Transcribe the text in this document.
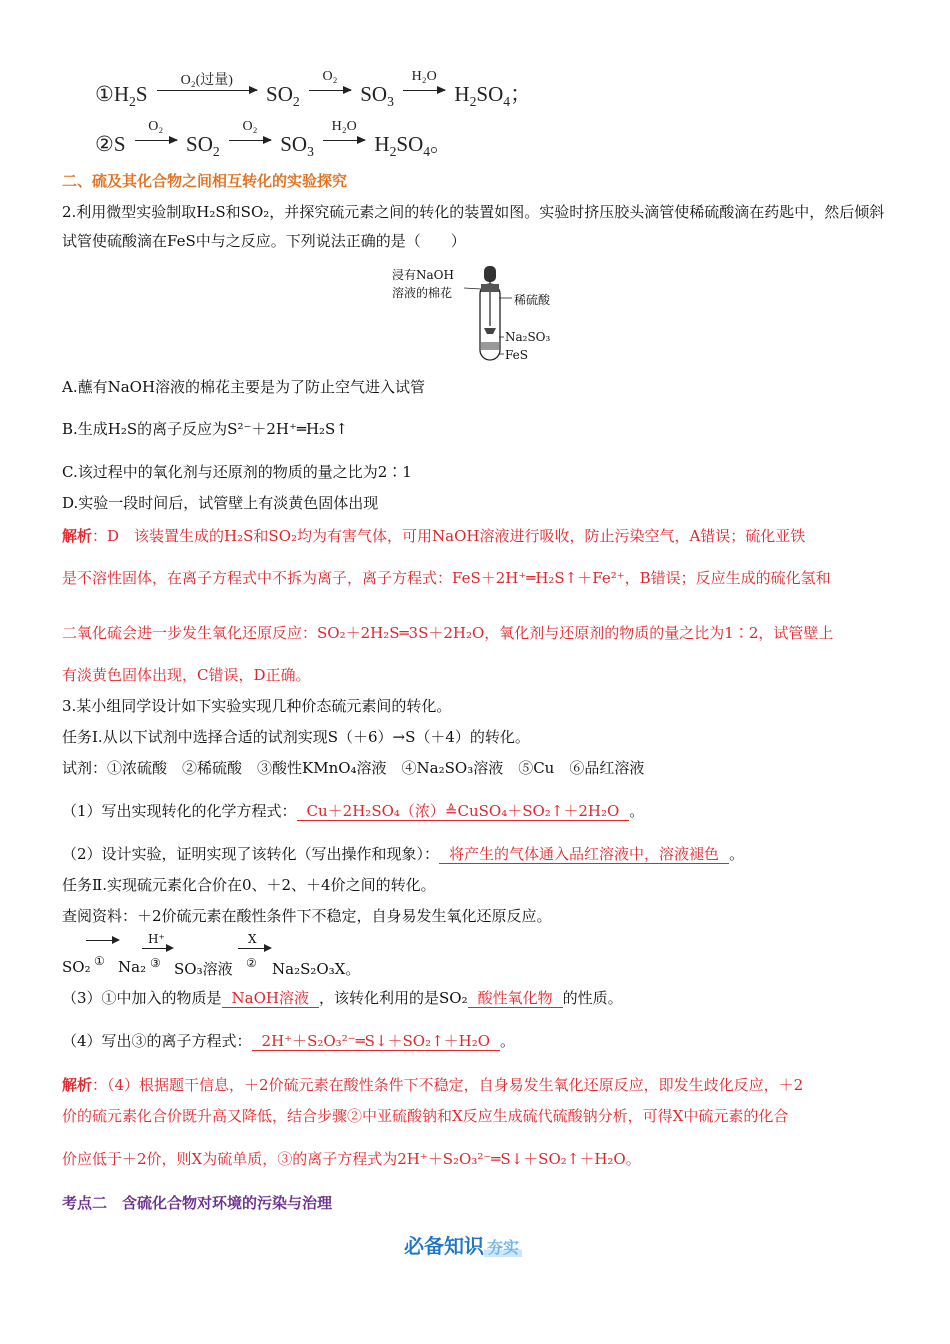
$①H_2S$
O₂(过量)
$SO_2$
O₂
$SO_3$
H₂O
$H_2SO_4$；
②S
O₂
$SO_2$
O₂
$SO_3$
H₂O
$H_2SO_4$。
二、硫及其化合物之间相互转化的实验探究
2.利用微型实验制取H₂S和SO₂，并探究硫元素之间的转化的装置如图。实验时挤压胶头滴管使稀硫酸滴在药匙中，然后倾斜试管使硫酸滴在FeS中与之反应。下列说法正确的是（　　）
浸有NaOH
溶液的棉花	稀硫酸
Na₂SO₃
FeS
A.蘸有NaOH溶液的棉花主要是为了防止空气进入试管
B.生成H₂S的离子反应为S²⁻＋2H⁺═H₂S↑
C.该过程中的氧化剂与还原剂的物质的量之比为2∶1
D.实验一段时间后，试管壁上有淡黄色固体出现
解析：D　该装置生成的H₂S和SO₂均为有害气体，可用NaOH溶液进行吸收，防止污染空气，A错误；硫化亚铁
是不溶性固体，在离子方程式中不拆为离子，离子方程式：FeS＋2H⁺═H₂S↑＋Fe²⁺，B错误；反应生成的硫化氢和
二氧化硫会进一步发生氧化还原反应：SO₂＋2H₂S═3S＋2H₂O，氧化剂与还原剂的物质的量之比为1∶2，试管壁上
有淡黄色固体出现，C错误，D正确。
3.某小组同学设计如下实验实现几种价态硫元素间的转化。
任务Ⅰ.从以下试剂中选择合适的试剂实现S（＋6）→S（＋4）的转化。
试剂：①浓硫酸　②稀硫酸　③酸性KMnO₄溶液　④Na₂SO₃溶液　⑤Cu　⑥品红溶液
（1）写出实现转化的化学方程式： Cu＋2H₂SO₄（浓）≜CuSO₄＋SO₂↑＋2H₂O 。
（2）设计实验，证明实现了该转化（写出操作和现象）： 将产生的气体通入品红溶液中，溶液褪色 。
任务Ⅱ.实现硫元素化合价在0、＋2、＋4价之间的转化。
查阅资料：＋2价硫元素在酸性条件下不稳定，自身易发生氧化还原反应。
SO₂ ① Na₂
H⁺
③ SO₃溶液
X
② Na₂S₂O₃X。
（3）①中加入的物质是 NaOH溶液 ，该转化利用的是SO₂ 酸性氧化物 的性质。
（4）写出③的离子方程式： 2H⁺＋S₂O₃²⁻═S↓＋SO₂↑＋H₂O 。
解析：（4）根据题干信息，＋2价硫元素在酸性条件下不稳定，自身易发生氧化还原反应，即发生歧化反应，＋2
价的硫元素化合价既升高又降低，结合步骤②中亚硫酸钠和X反应生成硫代硫酸钠分析，可得X中硫元素的化合
价应低于＋2价，则X为硫单质，③的离子方程式为2H⁺＋S₂O₃²⁻═S↓＋SO₂↑＋H₂O。
考点二　含硫化合物对环境的污染与治理
必备知识 夯实
